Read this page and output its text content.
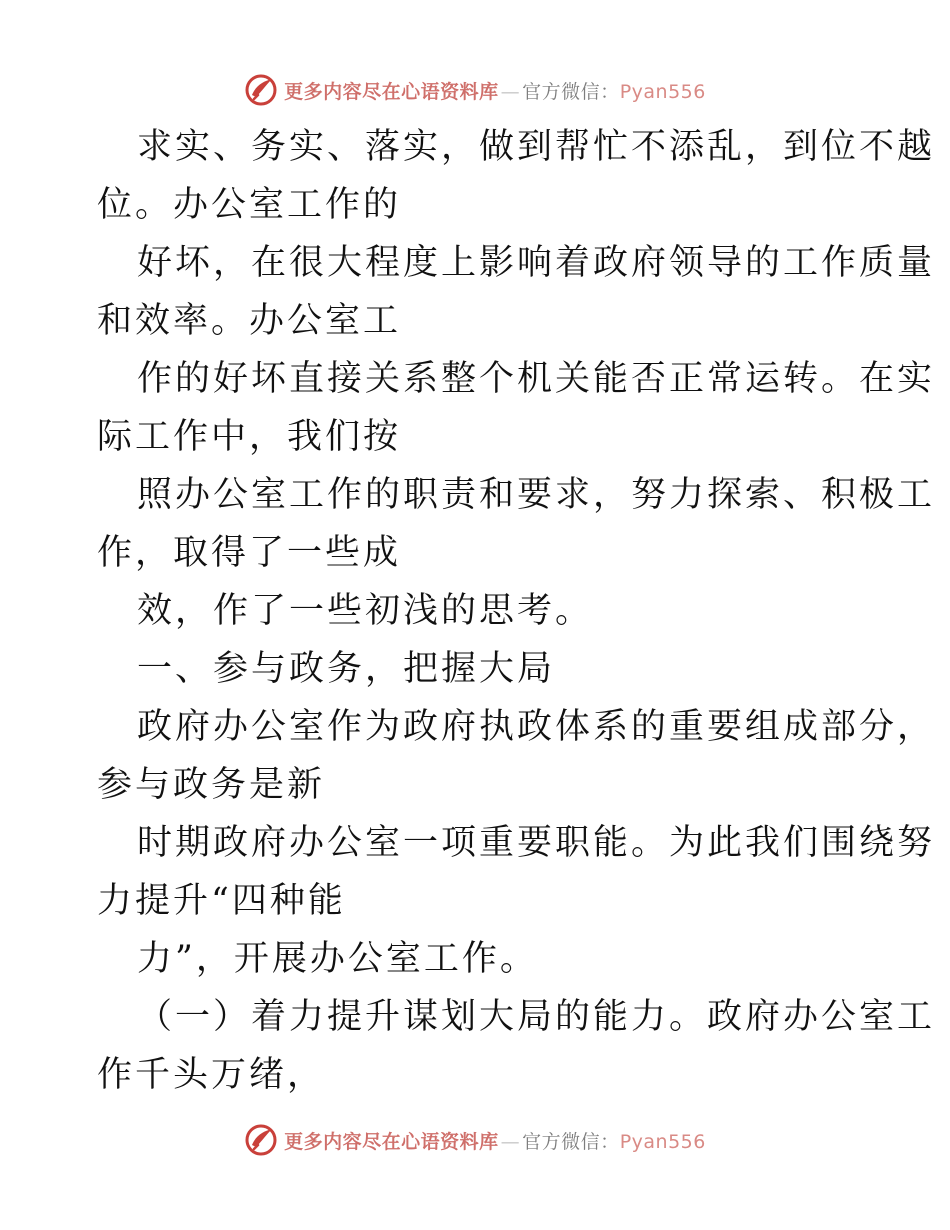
更多内容尽在心语资料库 — 官方微信：Pyan556
求实、务实、落实，做到帮忙不添乱，到位不越
位。办公室工作的
好坏，在很大程度上影响着政府领导的工作质量
和效率。办公室工
作的好坏直接关系整个机关能否正常运转。在实
际工作中，我们按
照办公室工作的职责和要求，努力探索、积极工
作，取得了一些成
效，作了一些初浅的思考。
一、参与政务，把握大局
政府办公室作为政府执政体系的重要组成部分，
参与政务是新
时期政府办公室一项重要职能。为此我们围绕努
力提升“四种能
力”，开展办公室工作。
（一）着力提升谋划大局的能力。政府办公室工
作千头万绪，
更多内容尽在心语资料库 — 官方微信：Pyan556
